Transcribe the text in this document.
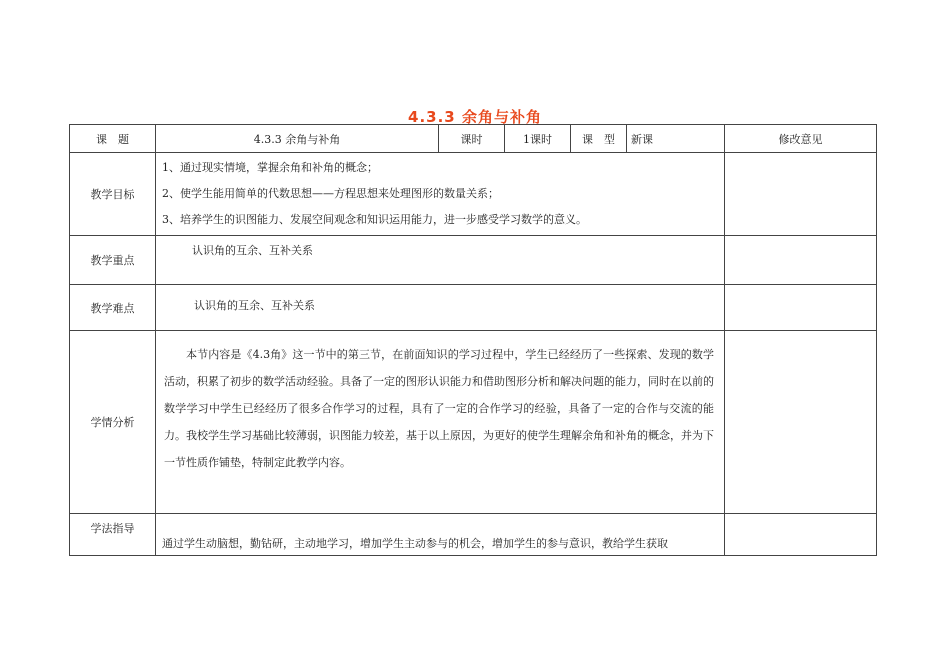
4.3.3 余角与补角
课　题	4.3.3 余角与补角	课时	1课时	课　型	新课	修改意见
教学目标	1、通过现实情境，掌握余角和补角的概念；
2、使学生能用简单的代数思想——方程思想来处理图形的数量关系；
3、培养学生的识图能力、发展空间观念和知识运用能力，进一步感受学习数学的意义。					

教学重点	认识角的互余、互补关系					
教学难点	认识角的互余、互补关系					
学情分析	本节内容是《4.3角》这一节中的第三节，在前面知识的学习过程中，学生已经经历了一些探索、发现的数学活动，积累了初步的数学活动经验。具备了一定的图形认识能力和借助图形分析和解决问题的能力，同时在以前的数学学习中学生已经经历了很多合作学习的过程，具有了一定的合作学习的经验，具备了一定的合作与交流的能力。我校学生学习基础比较薄弱，识图能力较差，基于以上原因，为更好的使学生理解余角和补角的概念，并为下一节性质作铺垫，特制定此教学内容。					

学法指导	通过学生动脑想，勤钻研，主动地学习，增加学生主动参与的机会，增加学生的参与意识，教给学生获取					
